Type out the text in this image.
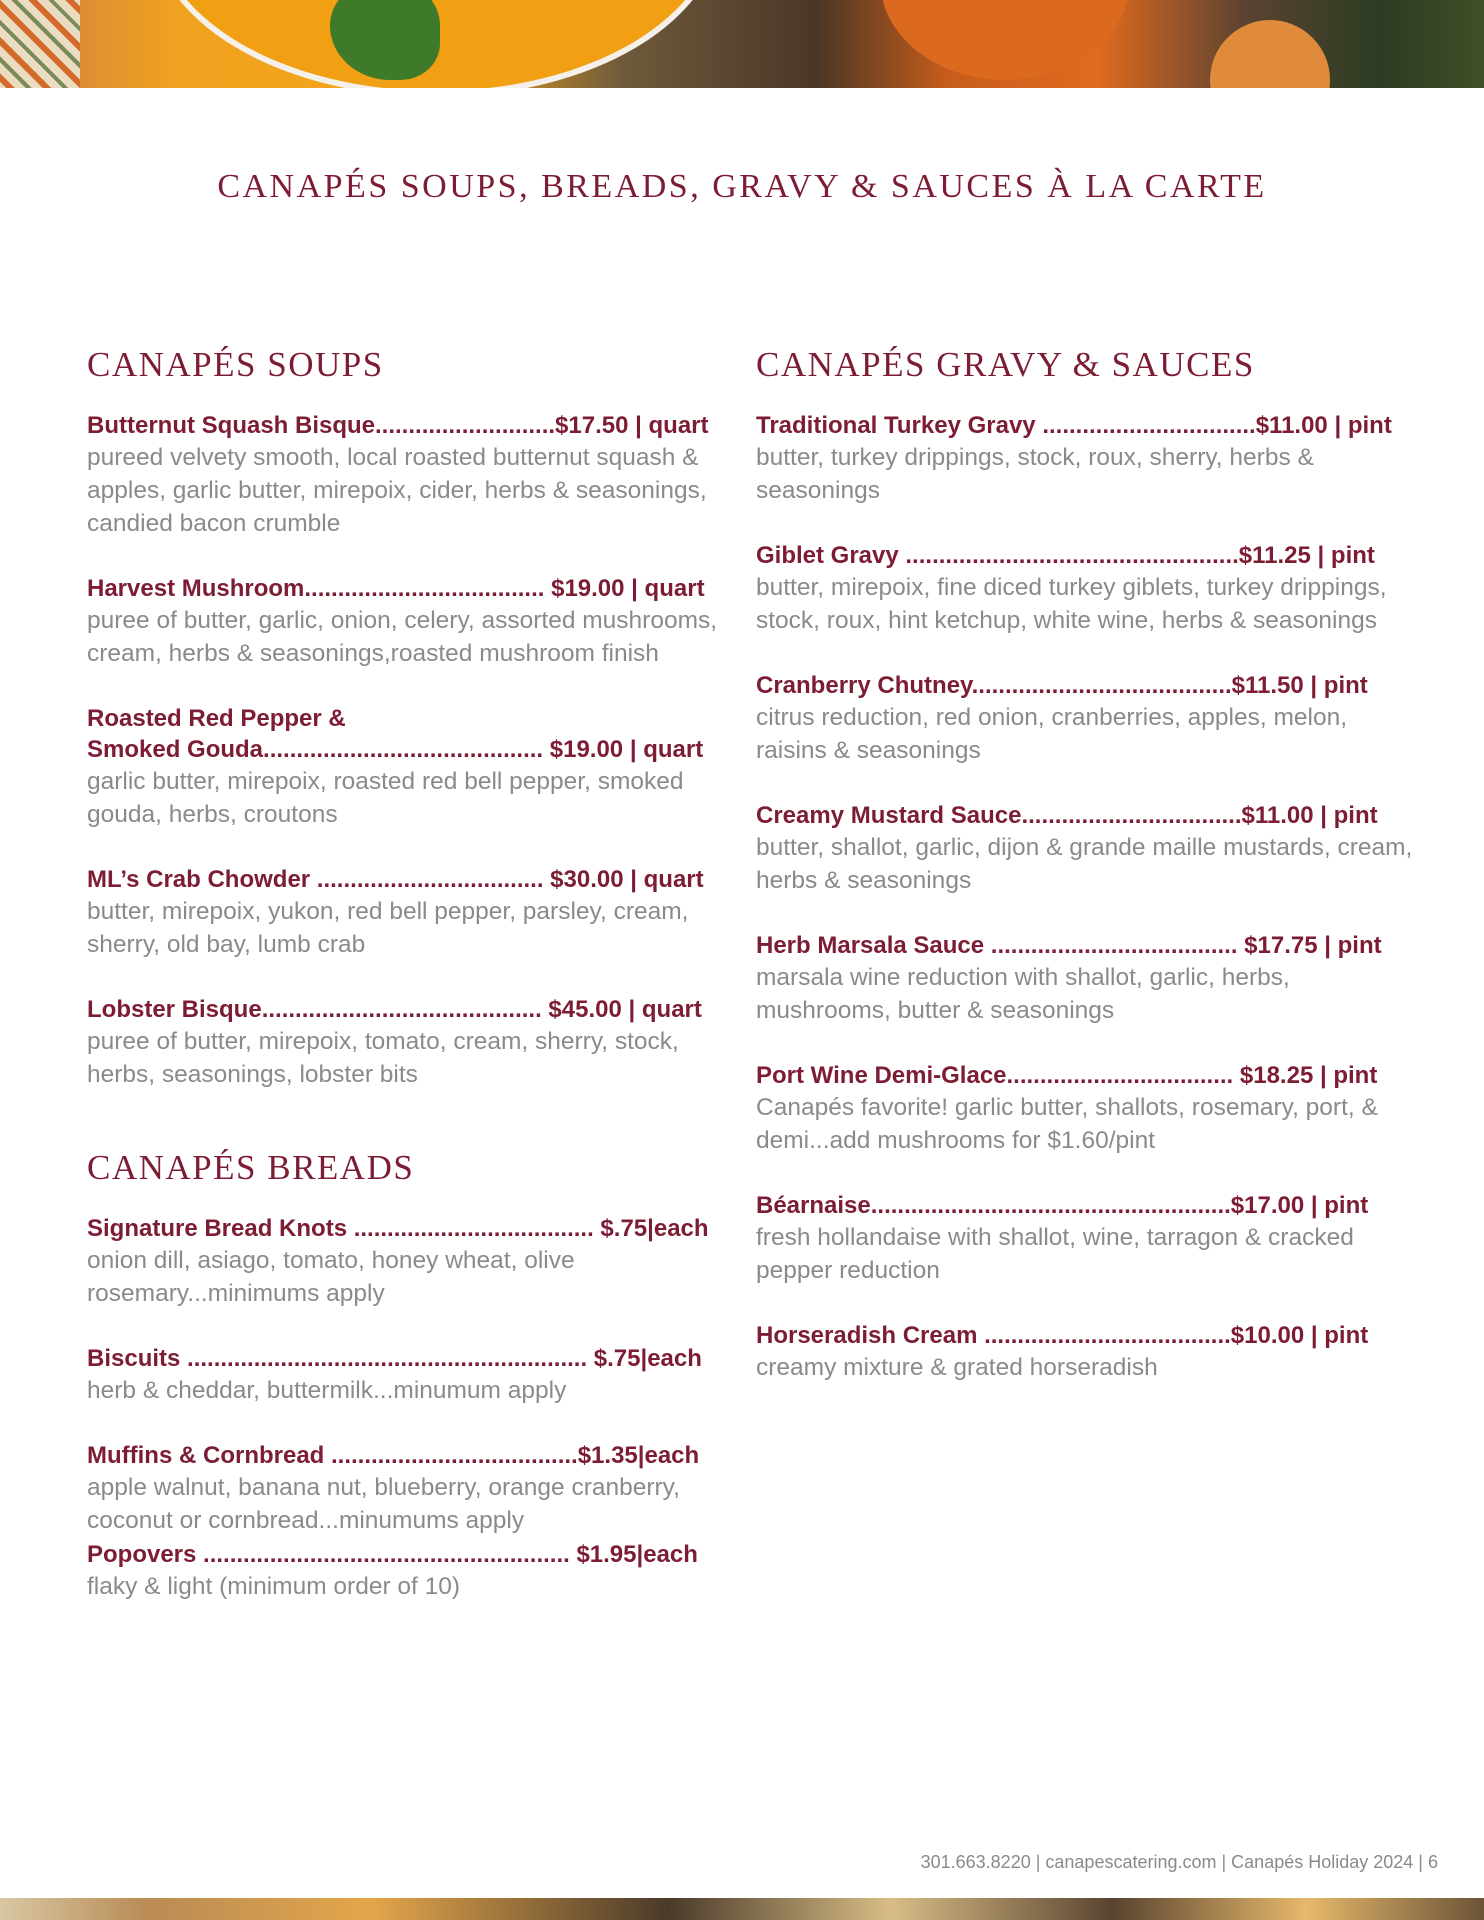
CANAPÉS SOUPS, BREADS, GRAVY & SAUCES À LA CARTE
CANAPÉS SOUPS
Butternut Squash Bisque...........................$17.50 | quart

pureed velvety smooth, local roasted butternut squash & apples, garlic butter, mirepoix, cider, herbs & seasonings, candied bacon crumble

Harvest Mushroom.................................... $19.00 | quart

puree of butter, garlic, onion, celery, assorted mushrooms, cream, herbs & seasonings,roasted mushroom finish

Roasted Red Pepper &
Smoked Gouda.......................................... $19.00 | quart

garlic butter, mirepoix, roasted red bell pepper, smoked gouda, herbs, croutons

ML’s Crab Chowder .................................. $30.00 | quart

butter, mirepoix, yukon, red bell pepper, parsley, cream, sherry, old bay, lumb crab

Lobster Bisque.......................................... $45.00 | quart

puree of butter, mirepoix, tomato, cream, sherry, stock, herbs, seasonings, lobster bits

CANAPÉS BREADS
Signature Bread Knots .................................... $.75|each

onion dill, asiago, tomato, honey wheat, olive rosemary...minimums apply

Biscuits ............................................................ $.75|each

herb & cheddar, buttermilk...minumum apply

Muffins & Cornbread .....................................$1.35|each

apple walnut, banana nut, blueberry, orange cranberry, coconut or cornbread...minumums apply

Popovers ....................................................... $1.95|each

flaky & light (minimum order of 10)

CANAPÉS GRAVY & SAUCES
Traditional Turkey Gravy ................................$11.00 | pint

butter, turkey drippings, stock, roux, sherry, herbs & seasonings

Giblet Gravy ..................................................$11.25 | pint

butter, mirepoix, fine diced turkey giblets, turkey drippings, stock, roux, hint ketchup, white wine, herbs & seasonings

Cranberry Chutney.......................................$11.50 | pint

citrus reduction, red onion, cranberries, apples, melon, raisins & seasonings

Creamy Mustard Sauce.................................$11.00 | pint

butter, shallot, garlic, dijon & grande maille mustards, cream, herbs & seasonings

Herb Marsala Sauce ..................................... $17.75 | pint

marsala wine reduction with shallot, garlic, herbs, mushrooms, butter & seasonings

Port Wine Demi-Glace.................................. $18.25 | pint

Canapés favorite! garlic butter, shallots, rosemary, port, & demi...add mushrooms for $1.60/pint

Béarnaise......................................................$17.00 | pint

fresh hollandaise with shallot, wine, tarragon & cracked pepper reduction

Horseradish Cream .....................................$10.00 | pint

creamy mixture & grated horseradish

301.663.8220 | canapescatering.com | Canapés Holiday 2024 | 6
